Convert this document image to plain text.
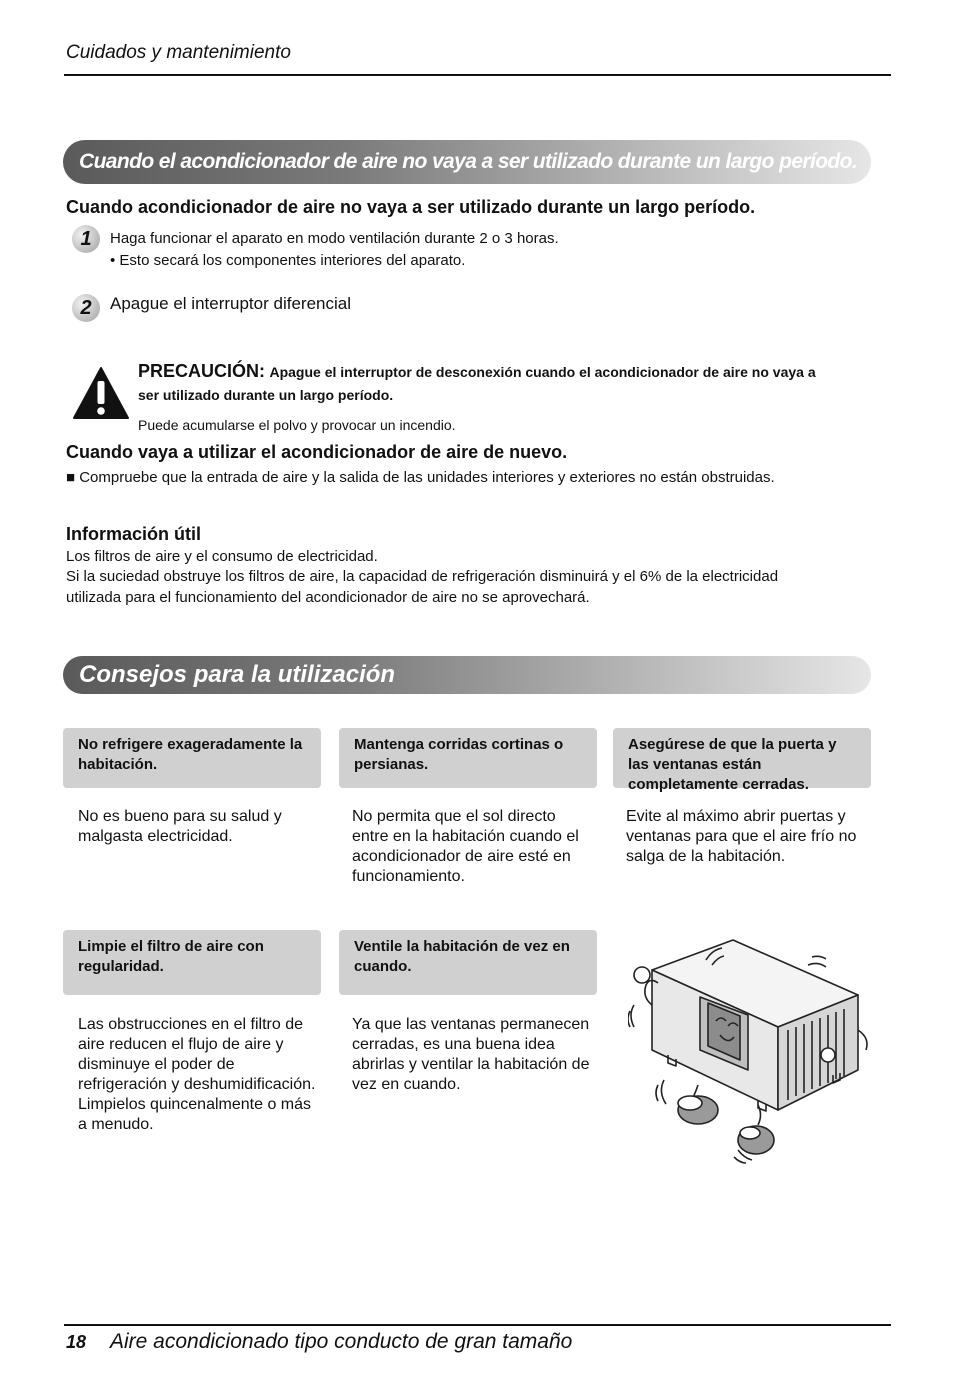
Cuidados y mantenimiento
Cuando el acondicionador de aire no vaya a ser utilizado durante un largo período.
Cuando acondicionador de aire no vaya a ser utilizado durante un largo período.
1	Haga funcionar el aparato en modo ventilación durante 2 o 3 horas.
• Esto secará los componentes interiores del aparato.
2	Apague el interruptor diferencial
PRECAUCIÓN: Apague el interruptor de desconexión cuando el acondicionador de aire no vaya a
ser utilizado durante un largo período.
Puede acumularse el polvo y provocar un incendio.
Cuando vaya a utilizar el acondicionador de aire de nuevo.
■ Compruebe que la entrada de aire y la salida de las unidades interiores y exteriores no están obstruidas.
Información útil
Los filtros de aire y el consumo de electricidad.
Si la suciedad obstruye los filtros de aire, la capacidad de refrigeración disminuirá y el 6% de la electricidad
utilizada para el funcionamiento del acondicionador de aire no se aprovechará.
Consejos para la utilización
No refrigere exageradamente la habitación.
No es bueno para su salud y malgasta electricidad.
Mantenga corridas cortinas o persianas.
No permita que el sol directo entre en la habitación cuando el acondicionador de aire esté en funcionamiento.
Asegúrese de que la puerta y las ventanas están completamente cerradas.
Evite al máximo abrir puertas y ventanas para que el aire frío no salga de la habitación.
Limpie el filtro de aire con regularidad.
Las obstrucciones en el filtro de aire reducen el flujo de aire y disminuye el poder de refrigeración y deshumidificación. Limpielos quincenalmente o más a menudo.
Ventile la habitación de vez en cuando.
Ya que las ventanas permanecen cerradas, es una buena idea abrirlas y ventilar la habitación de vez en cuando.
18 Aire acondicionado tipo conducto de gran tamaño
